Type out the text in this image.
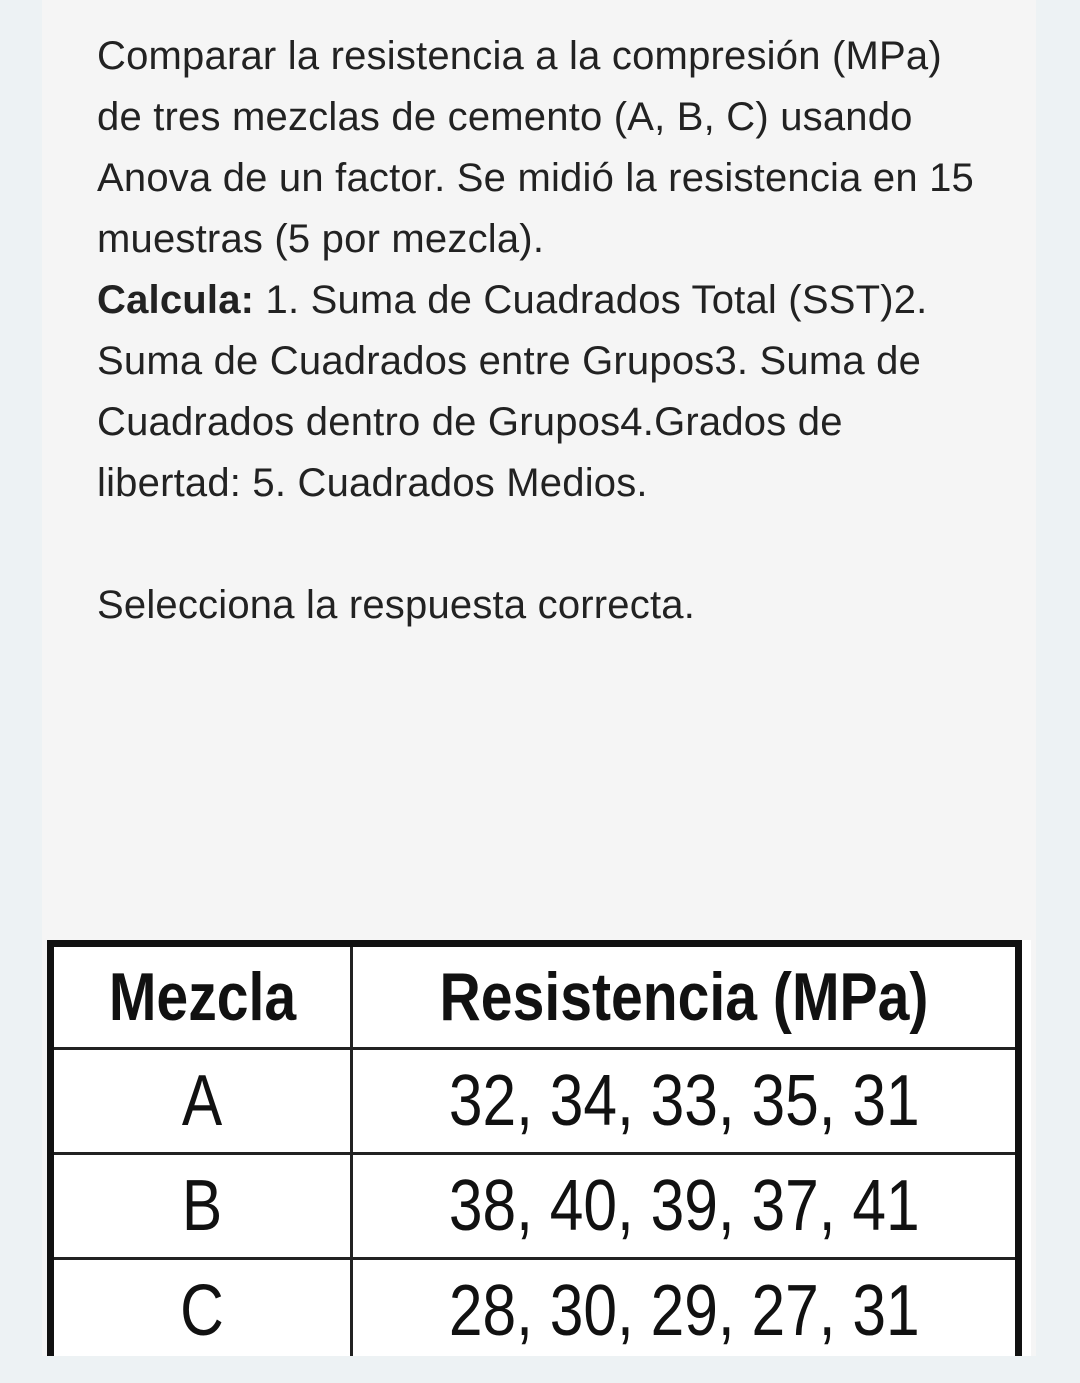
Comparar la resistencia a la compresión (MPa) de tres mezclas de cemento (A, B, C) usando Anova de un factor. Se midió la resistencia en 15 muestras (5 por mezcla).

Calcula: 1. Suma de Cuadrados Total (SST)2. Suma de Cuadrados entre Grupos3. Suma de Cuadrados dentro de Grupos4.Grados de libertad: 5. Cuadrados Medios.

Selecciona la respuesta correcta.

Mezcla	Resistencia (MPa)
A	32, 34, 33, 35, 31
B	38, 40, 39, 37, 41
C	28, 30, 29, 27, 31
